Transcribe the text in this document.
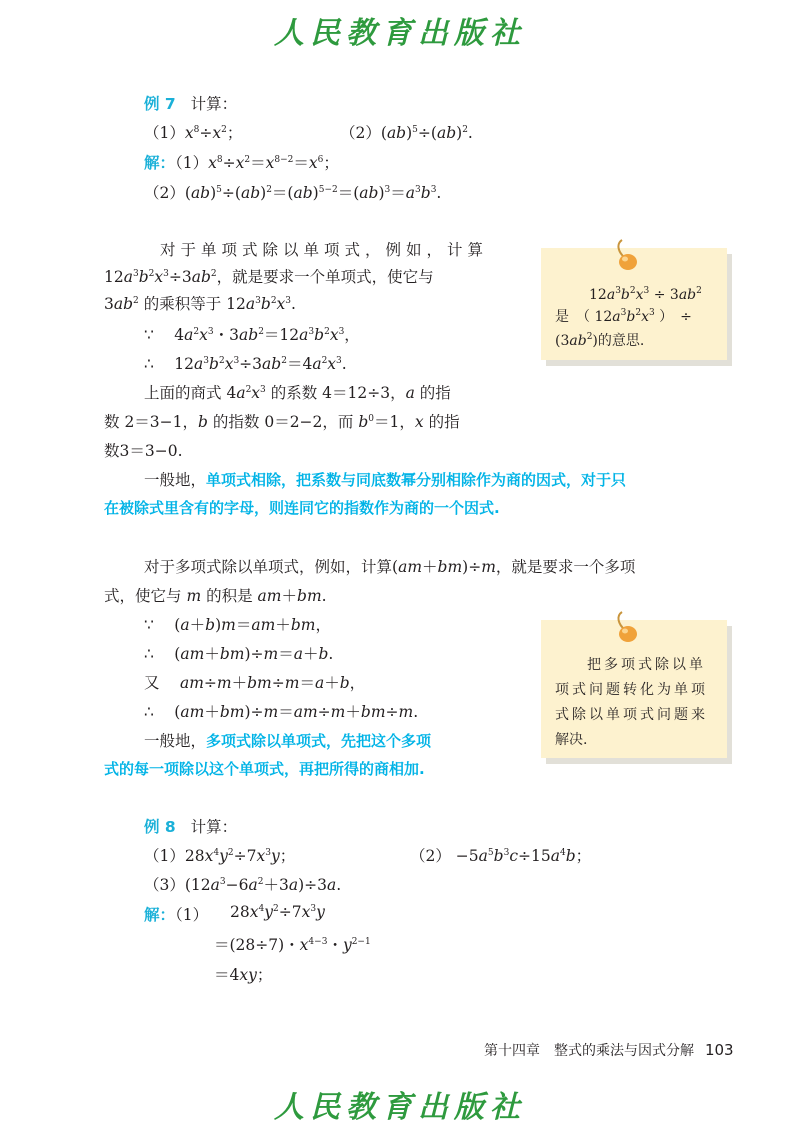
人民教育出版社
例 7 计算：
$(1)x^8\div x^2$；	（2）(ab)$^5$÷(ab)$^2$.
解：$(1)x^8\div x^2=x^{8-2}=x^6$；
$(2)(ab)^5\div(ab)^2=(ab)^{5-2}=(ab)^3=a^3b^3$.
对于单项式除以单项式，例如，计算
$12a^3b^2x^3\div 3ab^2$，就是要求一个单项式，使它与
$3ab^2$ 的乘积等于 $12a^3b^2x^3$.
∵　 $4a^2x^3$・$3ab^2=12a^3b^2x^3$，
∴　 $12a^3b^2x^3\div 3ab^2=4a^2x^3$.
上面的商式 $4a^2x^3$ 的系数 4＝12÷3，a 的指
数 2＝3−1，b 的指数 0＝2−2，而 $b^0=1$，x 的指
数3＝3−0.
一般地，单项式相除，把系数与同底数幂分别相除作为商的因式，对于只
在被除式里含有的字母，则连同它的指数作为商的一个因式.
$12a^3b^2x^3 \div 3ab^2$
是　（ $12a^3b^2x^3$ ）　÷
$(3ab^2)$的意思.
对于多项式除以单项式，例如，计算(am＋bm)÷m，就是要求一个多项
式，使它与 m 的积是 am＋bm.
∵　 (a＋b)m＝am＋bm，
∴　 (am＋bm)÷m＝a＋b.
又　 am÷m＋bm÷m＝a＋b，
∴　 (am＋bm)÷m＝am÷m＋bm÷m.
一般地，多项式除以单项式，先把这个多项
式的每一项除以这个单项式，再把所得的商相加.
把多项式除以单
项式问题转化为单项
式除以单项式问题来
解决.
例 8 计算：
$(1)28x^4y^2\div 7x^3y$；	$(2) -5a^5b^3c\div 15a^4b$；
$(3)(12a^3-6a^2+3a)\div 3a$.
解：（1） $28x^4y^2\div 7x^3y$
＝(28÷7)・$x^{4-3}$・$y^{2-1}$
＝4xy；
第十四章　整式的乘法与因式分解 103
人民教育出版社
